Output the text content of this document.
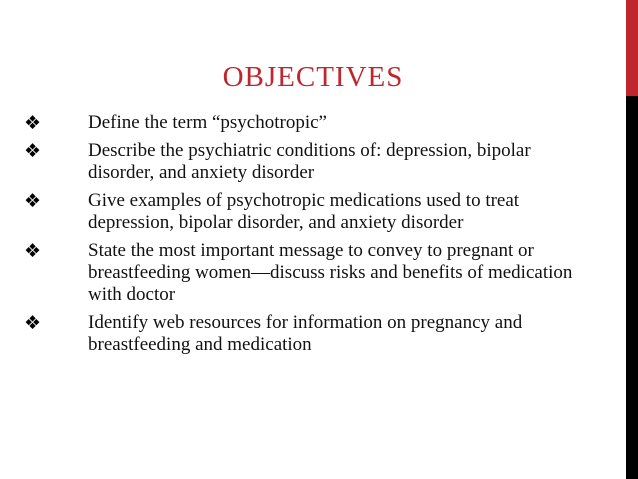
OBJECTIVES
❖ Define the term “psychotropic”
❖ Describe the psychiatric conditions of: depression, bipolar disorder, and anxiety disorder
❖ Give examples of psychotropic medications used to treat depression, bipolar disorder, and anxiety disorder
❖ State the most important message to convey to pregnant or breastfeeding women—discuss risks and benefits of medication with doctor
❖ Identify web resources for information on pregnancy and breastfeeding and medication
